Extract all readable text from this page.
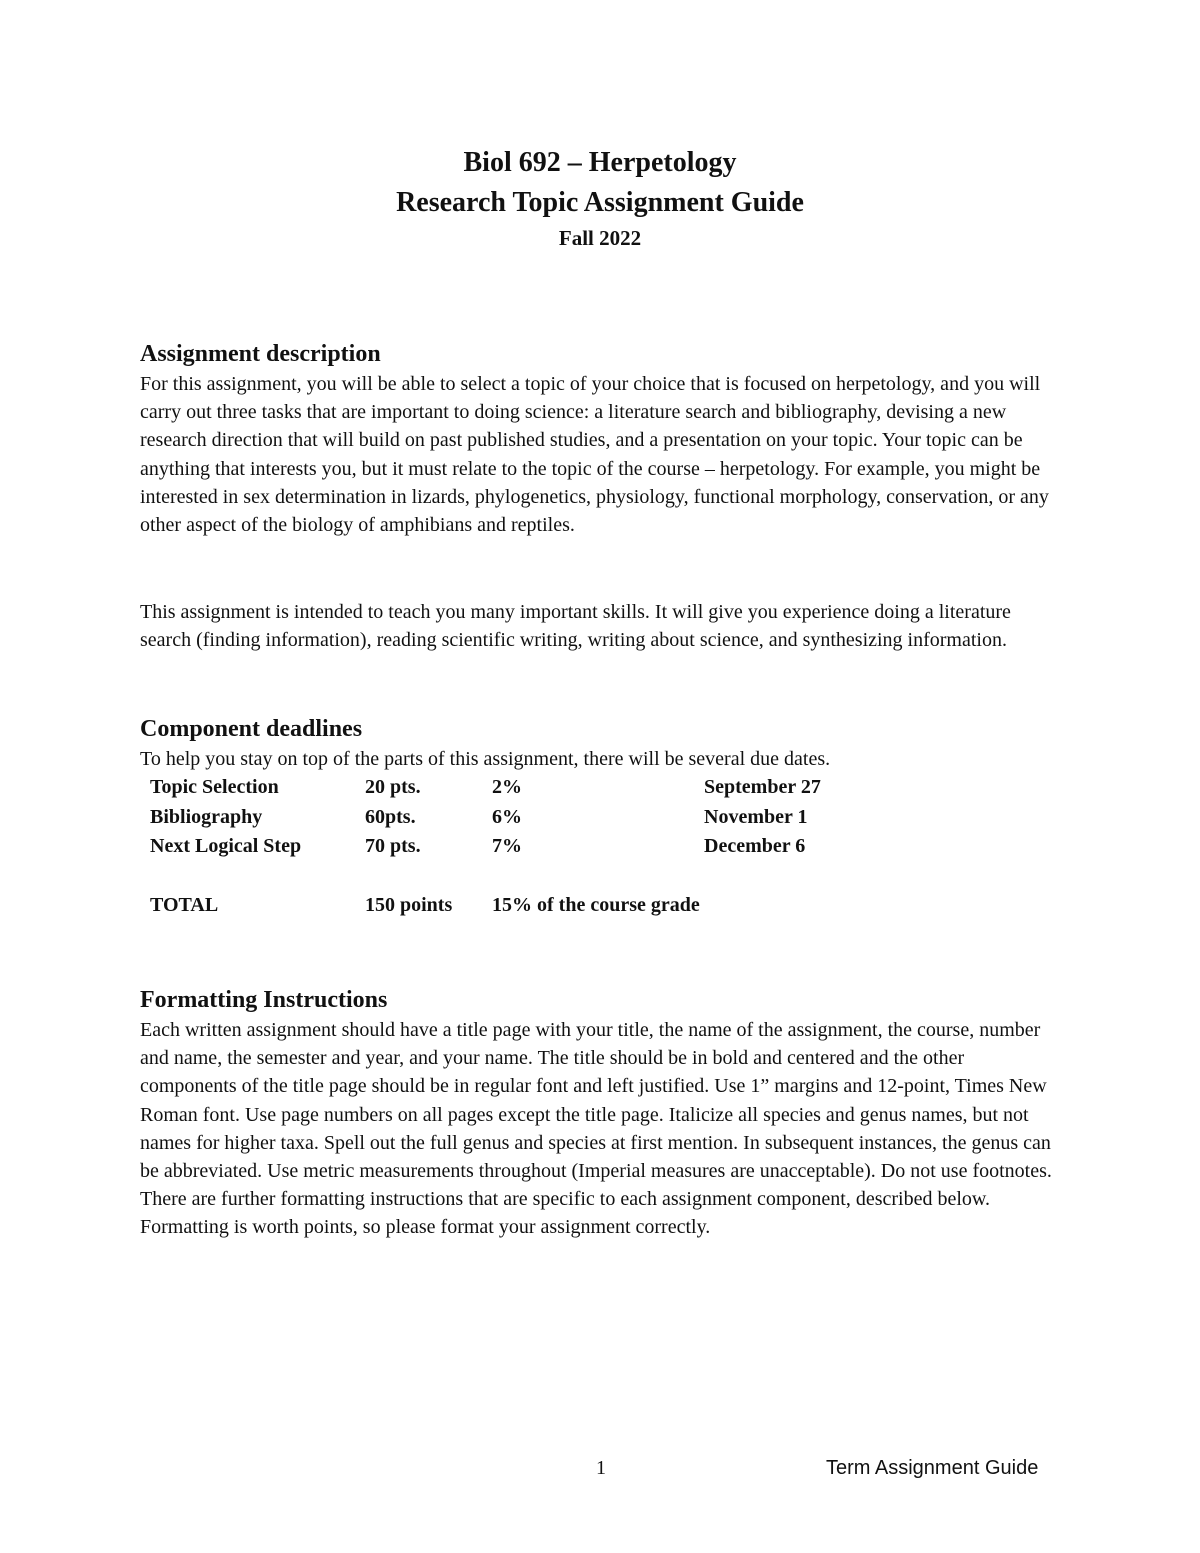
Biol 692 – Herpetology

Research Topic Assignment Guide

Fall 2022

Assignment description

For this assignment, you will be able to select a topic of your choice that is focused on herpetology, and you will carry out three tasks that are important to doing science: a literature search and bibliography, devising a new research direction that will build on past published studies, and a presentation on your topic. Your topic can be anything that interests you, but it must relate to the topic of the course – herpetology. For example, you might be interested in sex determination in lizards, phylogenetics, physiology, functional morphology, conservation, or any other aspect of the biology of amphibians and reptiles.

This assignment is intended to teach you many important skills. It will give you experience doing a literature search (finding information), reading scientific writing, writing about science, and synthesizing information.

Component deadlines

To help you stay on top of the parts of this assignment, there will be several due dates.

Topic Selection	20 pts.	2%	September 27
Bibliography	60pts.	6%	November 1
Next Logical Step	70 pts.	7%	December 6

TOTAL	150 points	15% of the course grade	
Formatting Instructions

Each written assignment should have a title page with your title, the name of the assignment, the course, number and name, the semester and year, and your name. The title should be in bold and centered and the other components of the title page should be in regular font and left justified. Use 1” margins and 12-point, Times New Roman font. Use page numbers on all pages except the title page. Italicize all species and genus names, but not names for higher taxa. Spell out the full genus and species at first mention. In subsequent instances, the genus can be abbreviated. Use metric measurements throughout (Imperial measures are unacceptable). Do not use footnotes. There are further formatting instructions that are specific to each assignment component, described below. Formatting is worth points, so please format your assignment correctly.

1	Term Assignment Guide
